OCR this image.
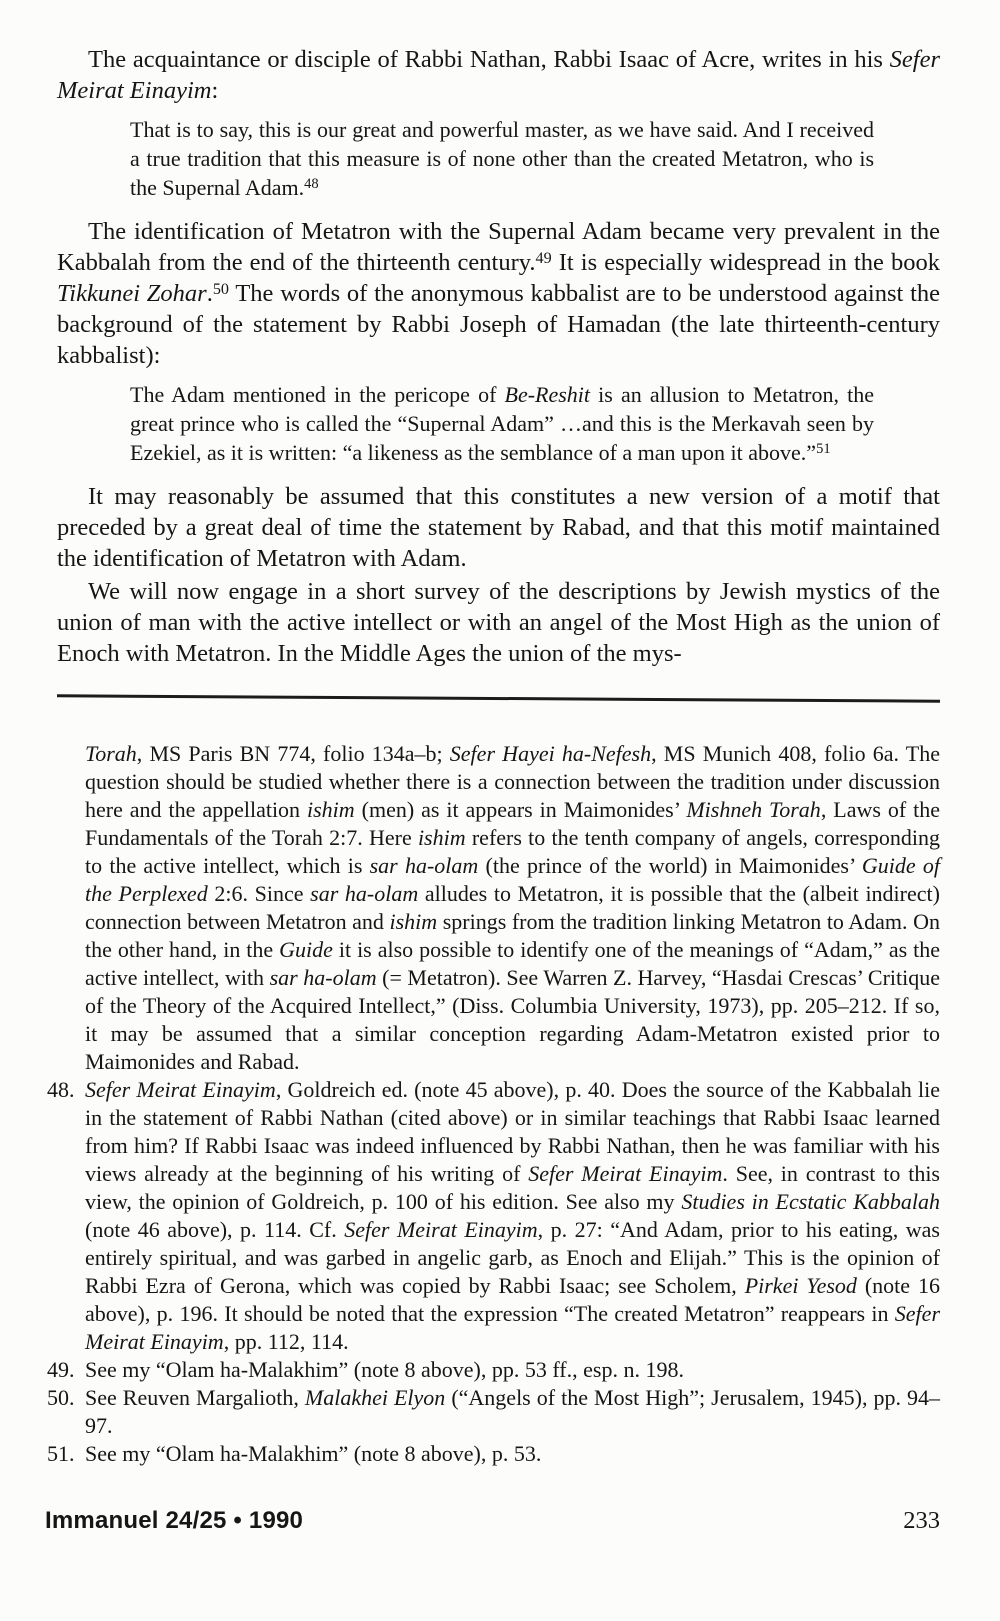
The acquaintance or disciple of Rabbi Nathan, Rabbi Isaac of Acre, writes in his Sefer Meirat Einayim:

That is to say, this is our great and powerful master, as we have said. And I received a true tradition that this measure is of none other than the created Metatron, who is the Supernal Adam.$^{48}$

The identification of Metatron with the Supernal Adam became very prevalent in the Kabbalah from the end of the thirteenth century.$^{49}$ It is especially widespread in the book Tikkunei Zohar.$^{50}$ The words of the anonymous kabbalist are to be understood against the background of the statement by Rabbi Joseph of Hamadan (the late thirteenth-century kabbalist):

The Adam mentioned in the pericope of Be-Reshit is an allusion to Metatron, the great prince who is called the “Supernal Adam” …and this is the Merkavah seen by Ezekiel, as it is written: “a likeness as the semblance of a man upon it above.”$^{51}$

It may reasonably be assumed that this constitutes a new version of a motif that preceded by a great deal of time the statement by Rabad, and that this motif maintained the identification of Metatron with Adam.

We will now engage in a short survey of the descriptions by Jewish mystics of the union of man with the active intellect or with an angel of the Most High as the union of Enoch with Metatron. In the Middle Ages the union of the mys-

Torah, MS Paris BN 774, folio 134a–b; Sefer Hayei ha-Nefesh, MS Munich 408, folio 6a. The question should be studied whether there is a connection between the tradition under discussion here and the appellation ishim (men) as it appears in Maimonides’ Mishneh Torah, Laws of the Fundamentals of the Torah 2:7. Here ishim refers to the tenth company of angels, corresponding to the active intellect, which is sar ha-olam (the prince of the world) in Maimonides’ Guide of the Perplexed 2:6. Since sar ha-olam alludes to Metatron, it is possible that the (albeit indirect) connection between Metatron and ishim springs from the tradition linking Metatron to Adam. On the other hand, in the Guide it is also possible to identify one of the meanings of “Adam,” as the active intellect, with sar ha-olam (= Metatron). See Warren Z. Harvey, “Hasdai Crescas’ Critique of the Theory of the Acquired Intellect,” (Diss. Columbia University, 1973), pp. 205–212. If so, it may be assumed that a similar conception regarding Adam-Metatron existed prior to Maimonides and Rabad.

48. Sefer Meirat Einayim, Goldreich ed. (note 45 above), p. 40. Does the source of the Kabbalah lie in the statement of Rabbi Nathan (cited above) or in similar teachings that Rabbi Isaac learned from him? If Rabbi Isaac was indeed influenced by Rabbi Nathan, then he was familiar with his views already at the beginning of his writing of Sefer Meirat Einayim. See, in contrast to this view, the opinion of Goldreich, p. 100 of his edition. See also my Studies in Ecstatic Kabbalah (note 46 above), p. 114. Cf. Sefer Meirat Einayim, p. 27: “And Adam, prior to his eating, was entirely spiritual, and was garbed in angelic garb, as Enoch and Elijah.” This is the opinion of Rabbi Ezra of Gerona, which was copied by Rabbi Isaac; see Scholem, Pirkei Yesod (note 16 above), p. 196. It should be noted that the expression “The created Metatron” reappears in Sefer Meirat Einayim, pp. 112, 114.
49. See my “Olam ha-Malakhim” (note 8 above), pp. 53 ff., esp. n. 198.
50. See Reuven Margalioth, Malakhei Elyon (“Angels of the Most High”; Jerusalem, 1945), pp. 94–97.
51. See my “Olam ha-Malakhim” (note 8 above), p. 53.
Immanuel 24/25 • 1990	233
